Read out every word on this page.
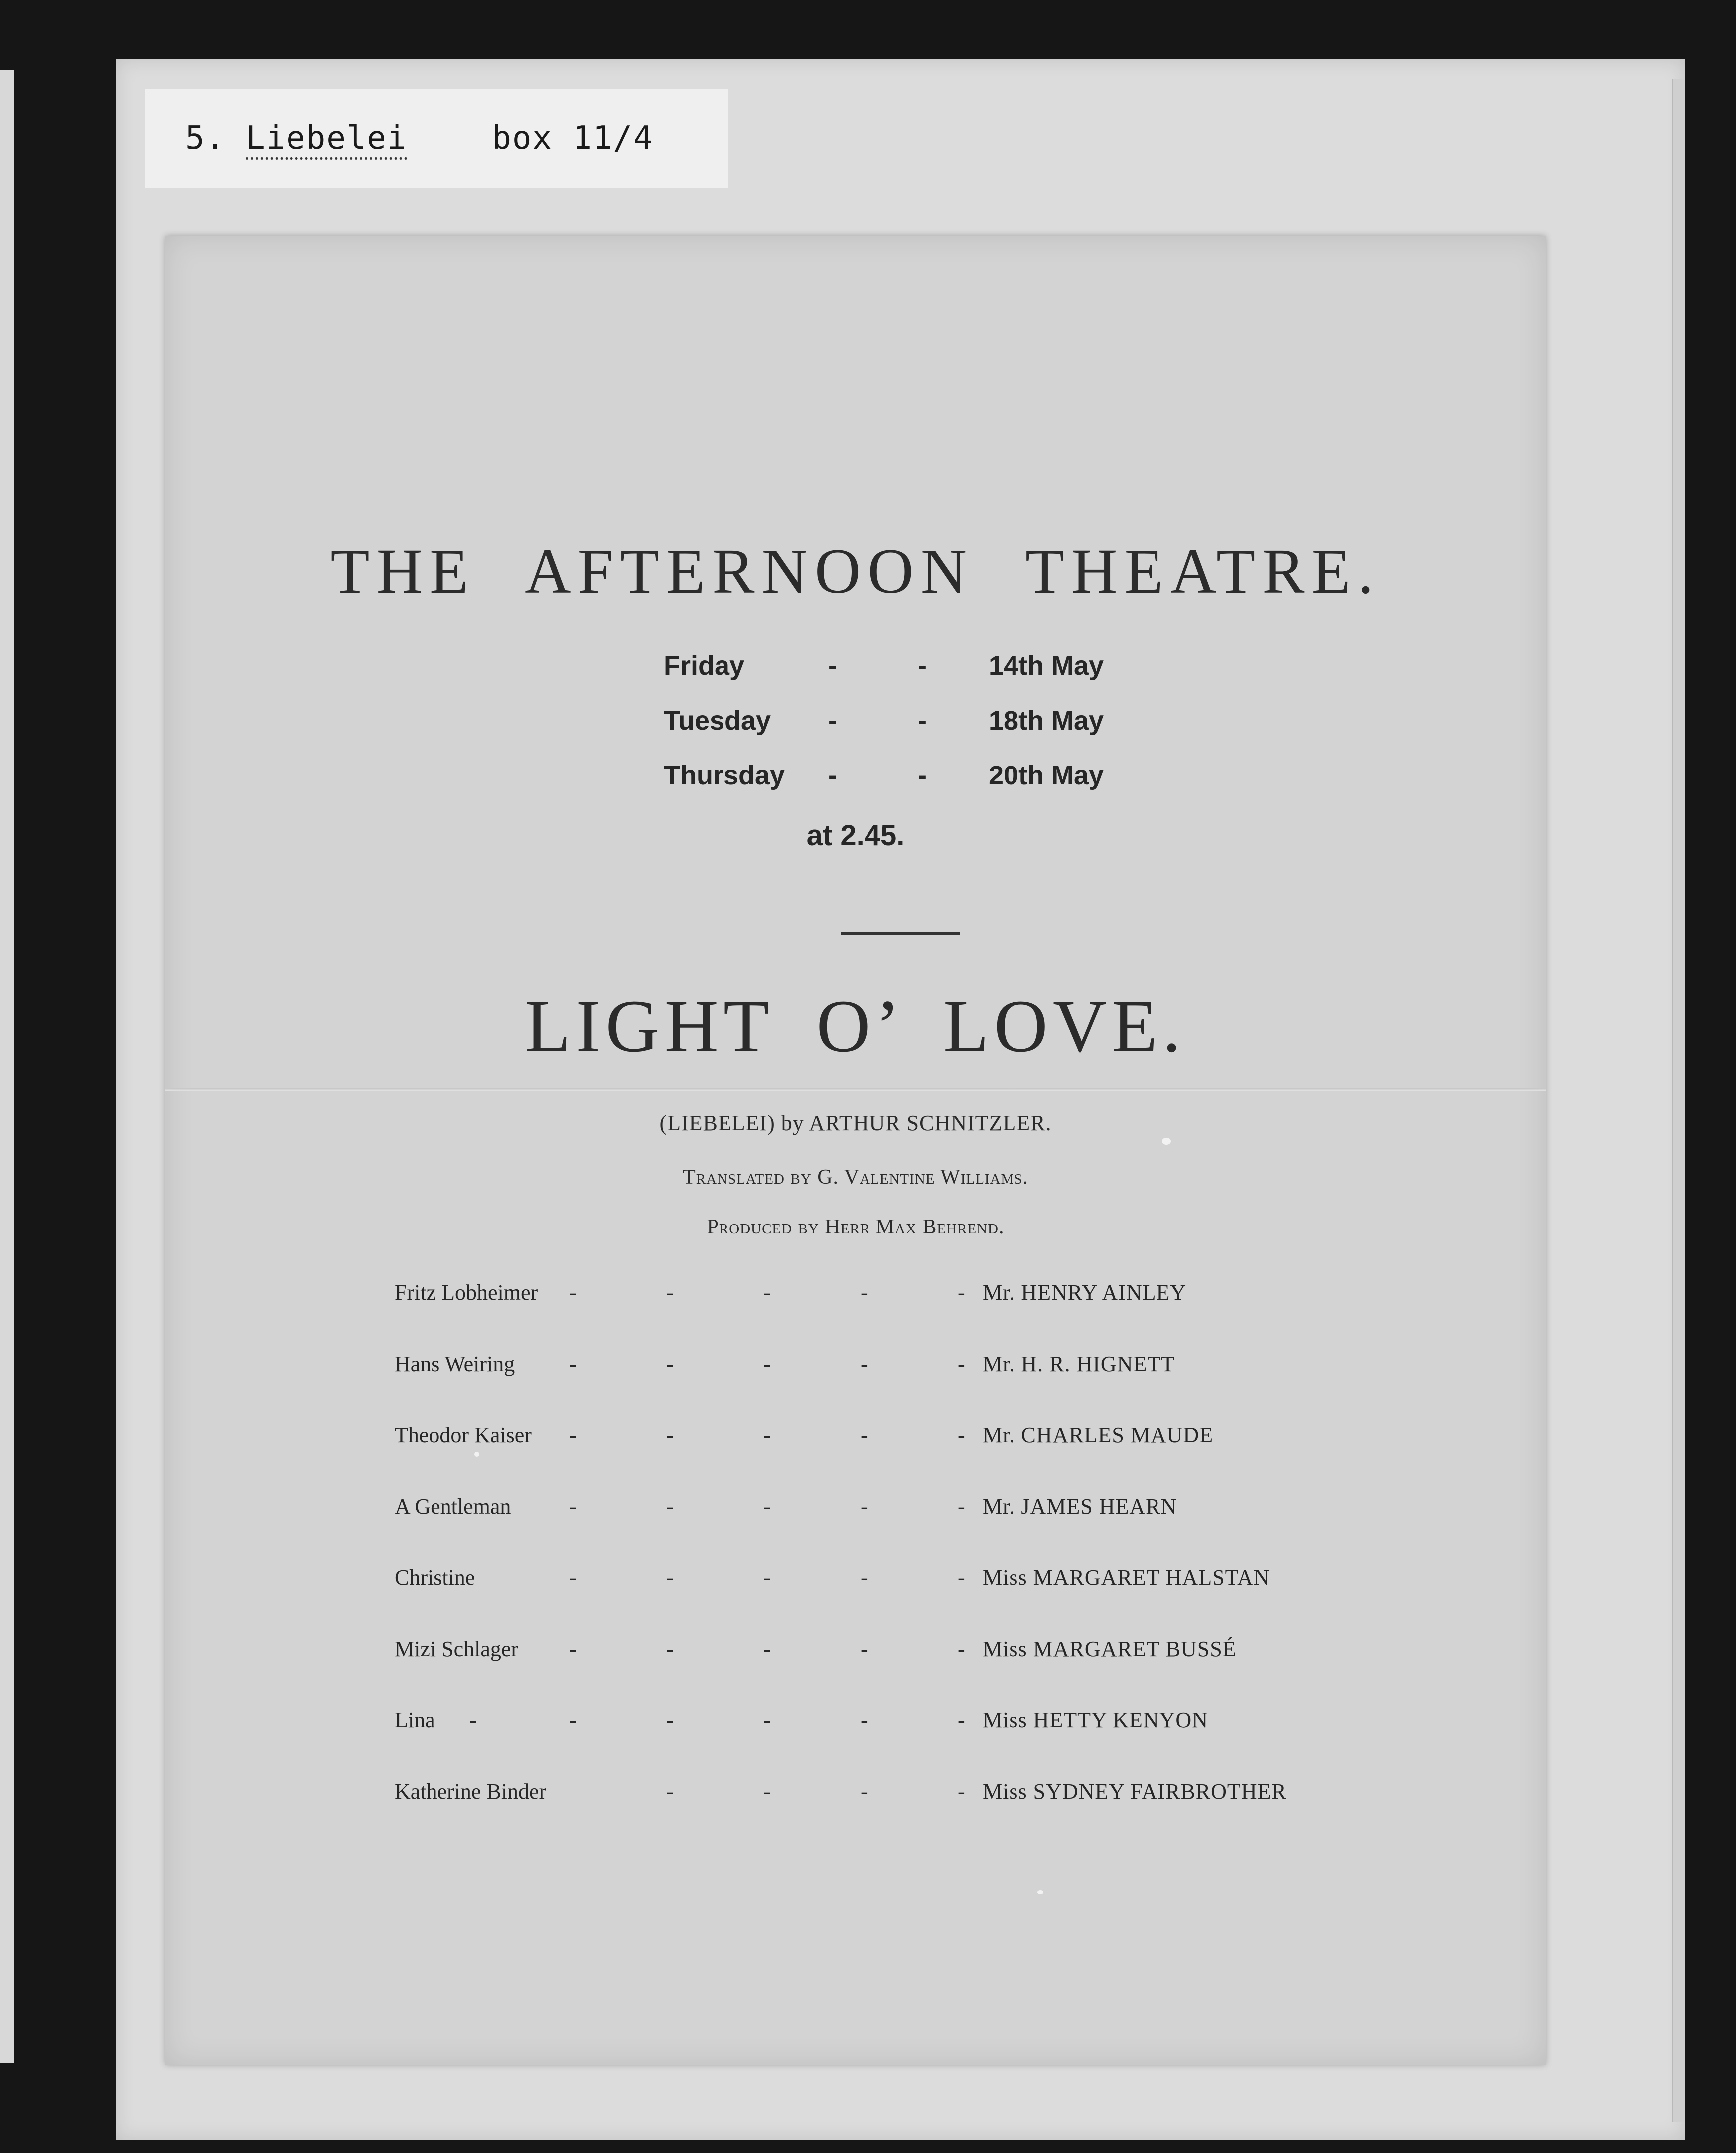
5. Liebelei	box 11/4
THE AFTERNOON THEATRE.
Friday	-	- 14th May
Tuesday -	- 18th May
Thursday -	- 20th May
at 2.45.
LIGHT O’ LOVE.
(LIEBELEI) by ARTHUR SCHNITZLER.
Translated by G. Valentine Williams.
Produced by Herr Max Behrend.
Fritz Lobheimer -	-	-	-	- Mr. HENRY AINLEY
Hans Weiring -	-	-	-	- Mr. H. R. HIGNETT
Theodor Kaiser -	-	-	-	- Mr. CHARLES MAUDE
A Gentleman	-	-	-	-	- Mr. JAMES HEARN
Christine	-	-	-	-	- Miss MARGARET HALSTAN
Mizi Schlager -	-	-	-	- Miss MARGARET BUSSÉ
Lina -	-	-	-	-	- Miss HETTY KENYON
Katherine Binder	-	-	-	- Miss SYDNEY FAIRBROTHER
